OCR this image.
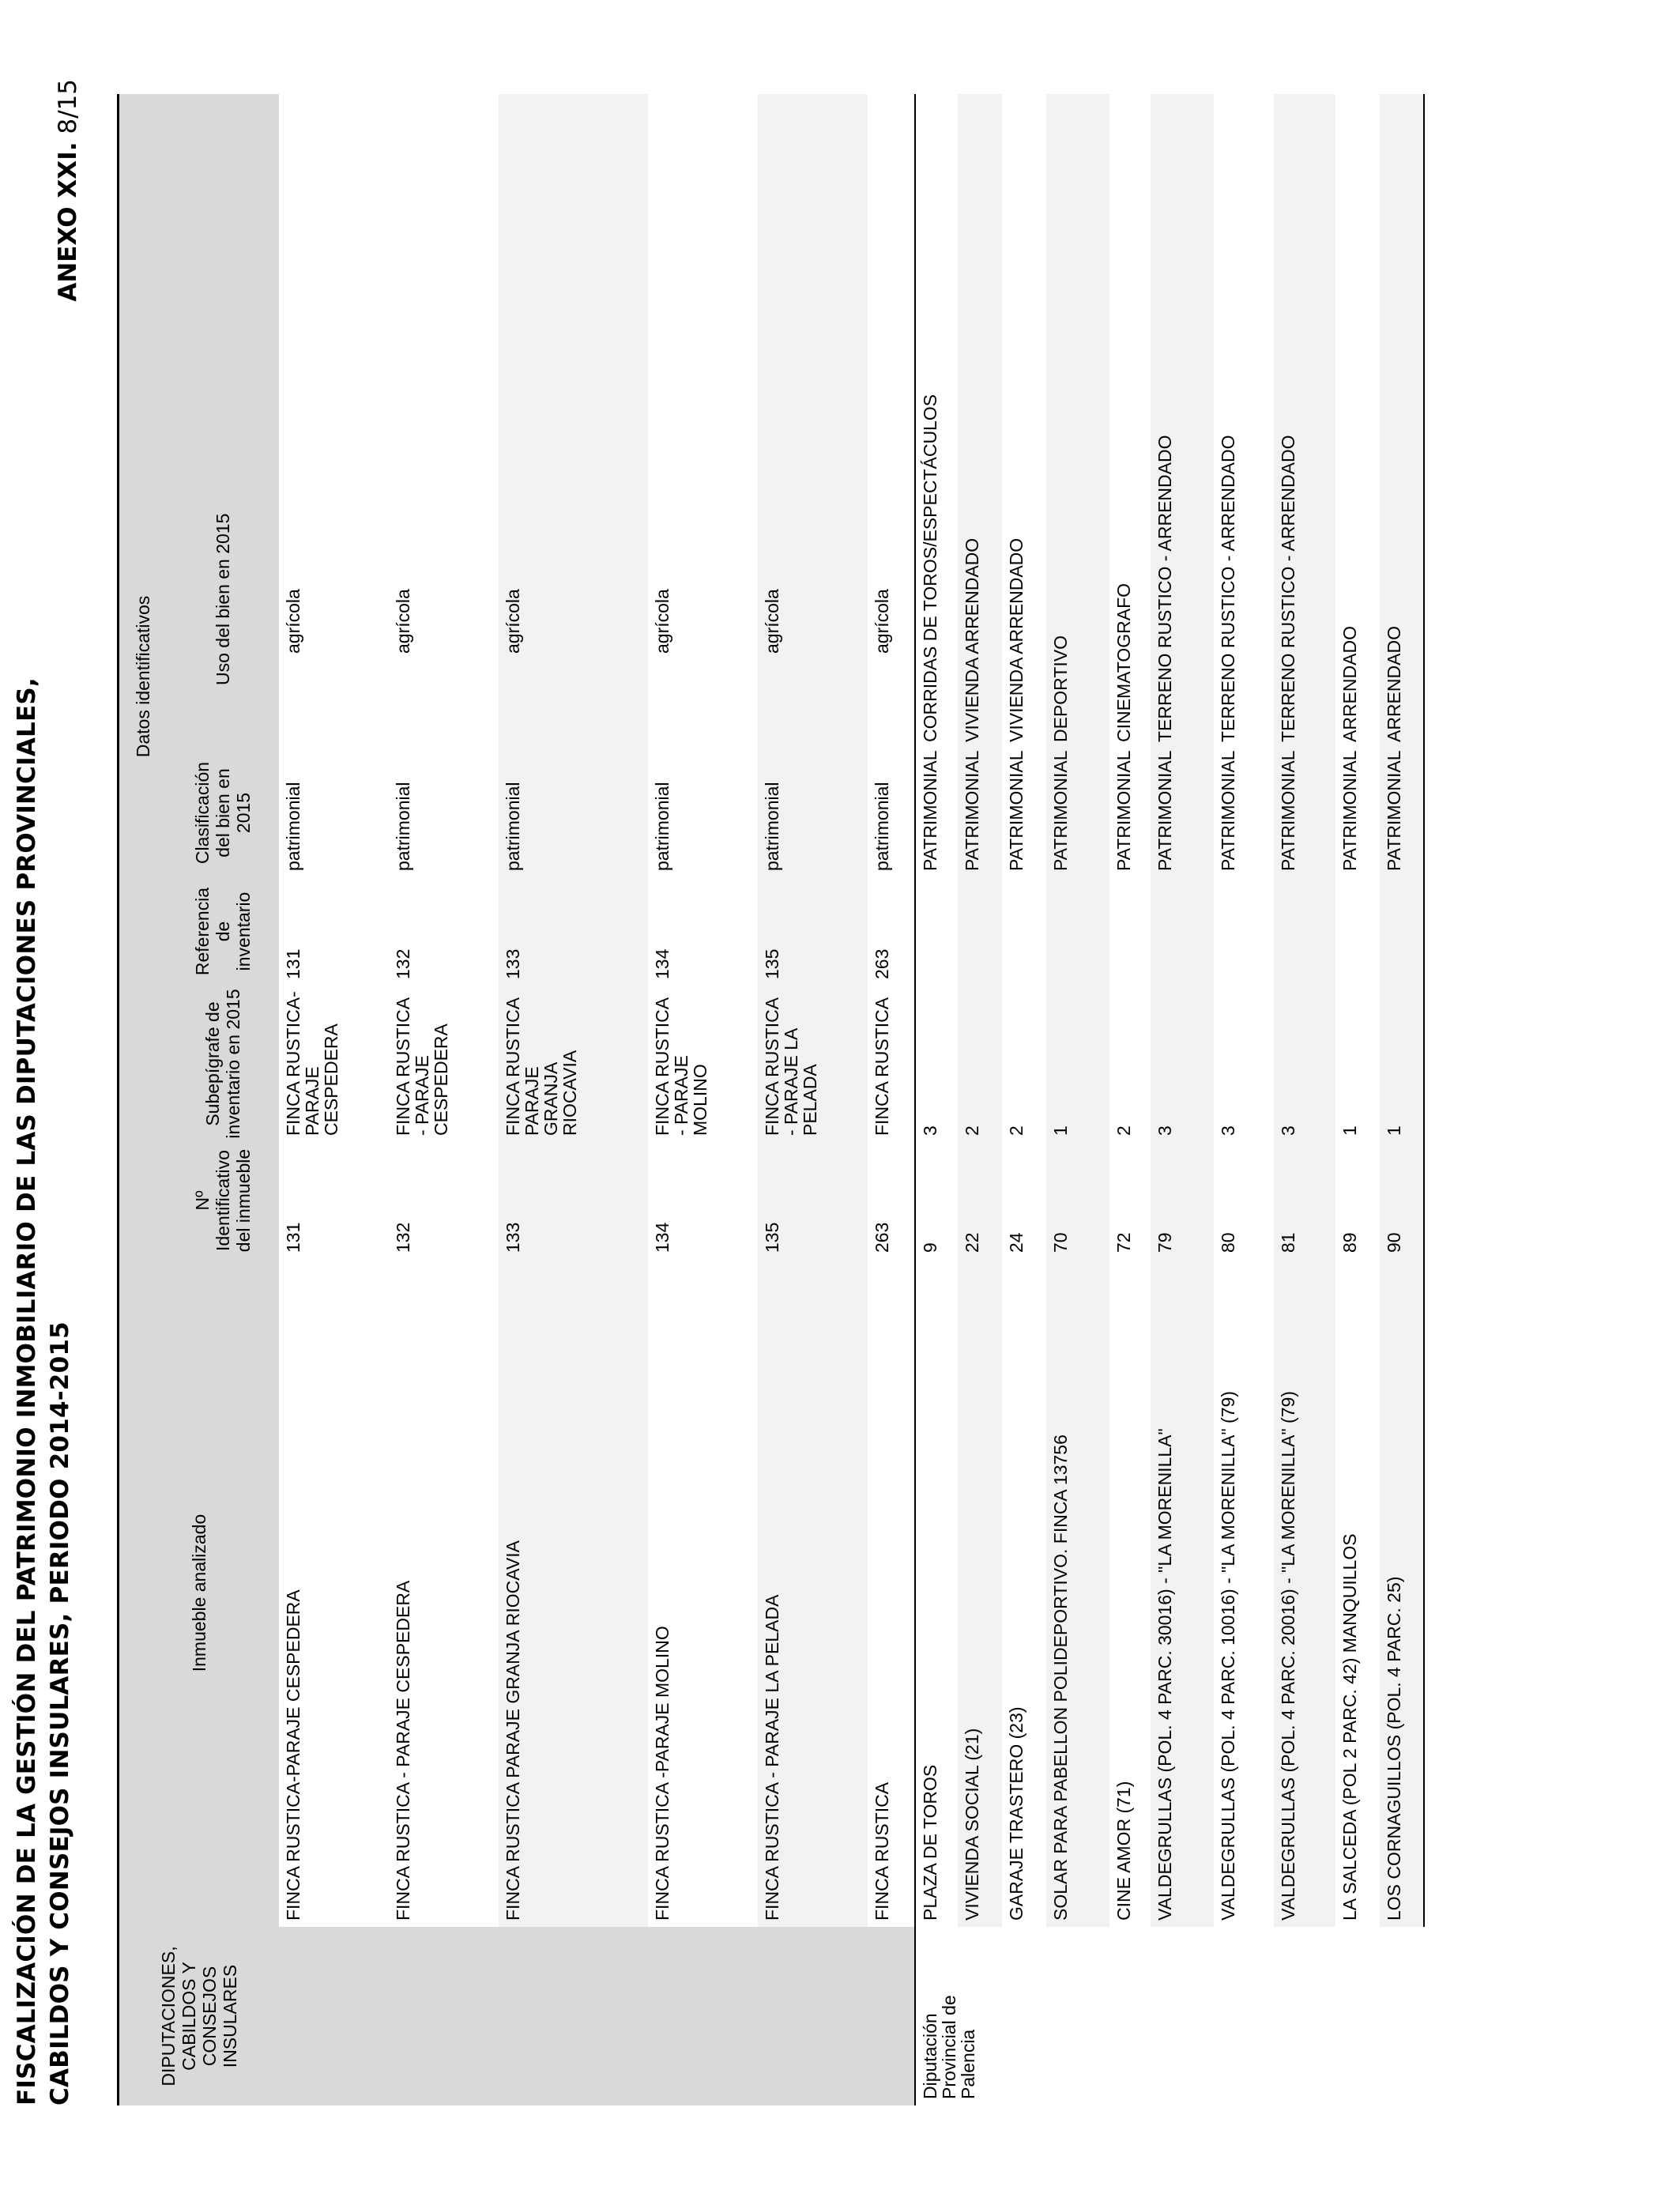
FISCALIZACIÓN DE LA GESTIÓN DEL PATRIMONIO INMOBILIARIO DE LAS DIPUTACIONES PROVINCIALES, CABILDOS Y CONSEJOS INSULARES, PERIODO 2014-2015
ANEXO XXI. 8/15
DIPUTACIONES, CABILDOS Y CONSEJOS INSULARES	Inmueble analizado	Datos identificativos				
		Nº Identificativo del inmueble	Subepígrafe de inventario en 2015	Referencia de inventario	Clasificación del bien en 2015	Uso del bien en 2015
	FINCA RUSTICA-PARAJE CESPEDERA	131	FINCA RUSTICA-PARAJE CESPEDERA	131	patrimonial	agrícola
	FINCA RUSTICA - PARAJE CESPEDERA	132	FINCA RUSTICA - PARAJE CESPEDERA	132	patrimonial	agrícola
	FINCA RUSTICA PARAJE GRANJA RIOCAVIA	133	FINCA RUSTICA PARAJE GRANJA RIOCAVIA	133	patrimonial	agrícola
	FINCA RUSTICA -PARAJE MOLINO	134	FINCA RUSTICA - PARAJE MOLINO	134	patrimonial	agrícola
	FINCA RUSTICA - PARAJE LA PELADA	135	FINCA RUSTICA - PARAJE LA PELADA	135	patrimonial	agrícola
	FINCA RUSTICA	263	FINCA RUSTICA	263	patrimonial	agrícola
Diputación Provincial de Palencia	PLAZA DE TOROS	9	3		PATRIMONIAL	CORRIDAS DE TOROS/ESPECTÁCULOS
	VIVIENDA SOCIAL (21)	22	2		PATRIMONIAL	VIVIENDA ARRENDADO
	GARAJE TRASTERO (23)	24	2		PATRIMONIAL	VIVIENDA ARRENDADO
	SOLAR PARA PABELLON POLIDEPORTIVO. FINCA 13756	70	1		PATRIMONIAL	DEPORTIVO
	CINE AMOR (71)	72	2		PATRIMONIAL	CINEMATOGRAFO
	VALDEGRULLAS (POL. 4 PARC. 30016) - "LA MORENILLA"	79	3		PATRIMONIAL	TERRENO RUSTICO - ARRENDADO
	VALDEGRULLAS (POL. 4 PARC. 10016) - "LA MORENILLA" (79)	80	3		PATRIMONIAL	TERRENO RUSTICO - ARRENDADO
	VALDEGRULLAS (POL. 4 PARC. 20016) - "LA MORENILLA" (79)	81	3		PATRIMONIAL	TERRENO RUSTICO - ARRENDADO
	LA SALCEDA (POL 2 PARC. 42) MANQUILLOS	89	1		PATRIMONIAL	ARRENDADO
	LOS CORNAGUILLOS (POL. 4 PARC. 25)	90	1		PATRIMONIAL	ARRENDADO
